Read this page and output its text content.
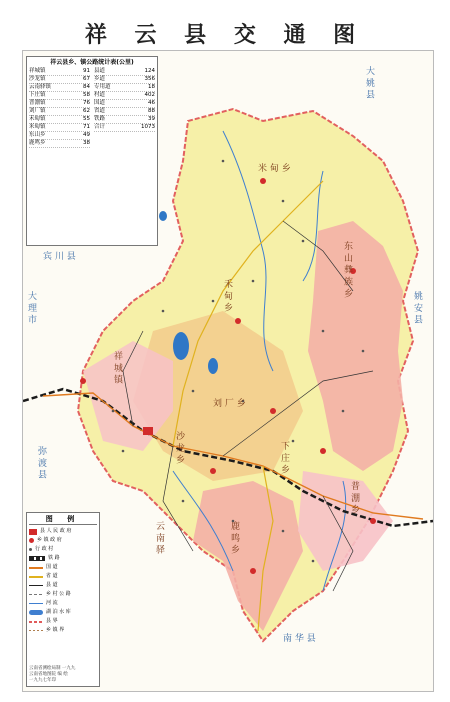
祥 云 县 交 通 图
米 甸 乡
东 山 彝 族 乡
禾 甸 乡
祥 城 镇
刘 厂 乡
沙 龙 乡	下 庄 乡
普 淜 乡
鹿 鸣 乡
云 南 驿
大 姚 县
宾 川 县
大 理 市
弥 渡 县
南 华 县
姚 安 县
祥云县乡、镇公路统计表(公里)
祥城镇	91
沙龙镇	67
云南驿镇	84
下庄镇	58
普淜镇	76
刘厂镇	62
禾甸镇	55
米甸镇	71
东山乡	49
鹿鸣乡	38
县道	124
乡道	356
专用道	18
村道	402
国道	46
省道	88
铁路	39
合计	1073
图 例
县 人 民 政 府
乡 镇 政 府
行 政 村
铁 路
国 道
省 道
县 道
乡 村 公 路
河 流
湖 泊 水 库
县 界
乡 镇 界
云南省测绘局制 一九九
云南省地图院 编 绘
一九九七年印
